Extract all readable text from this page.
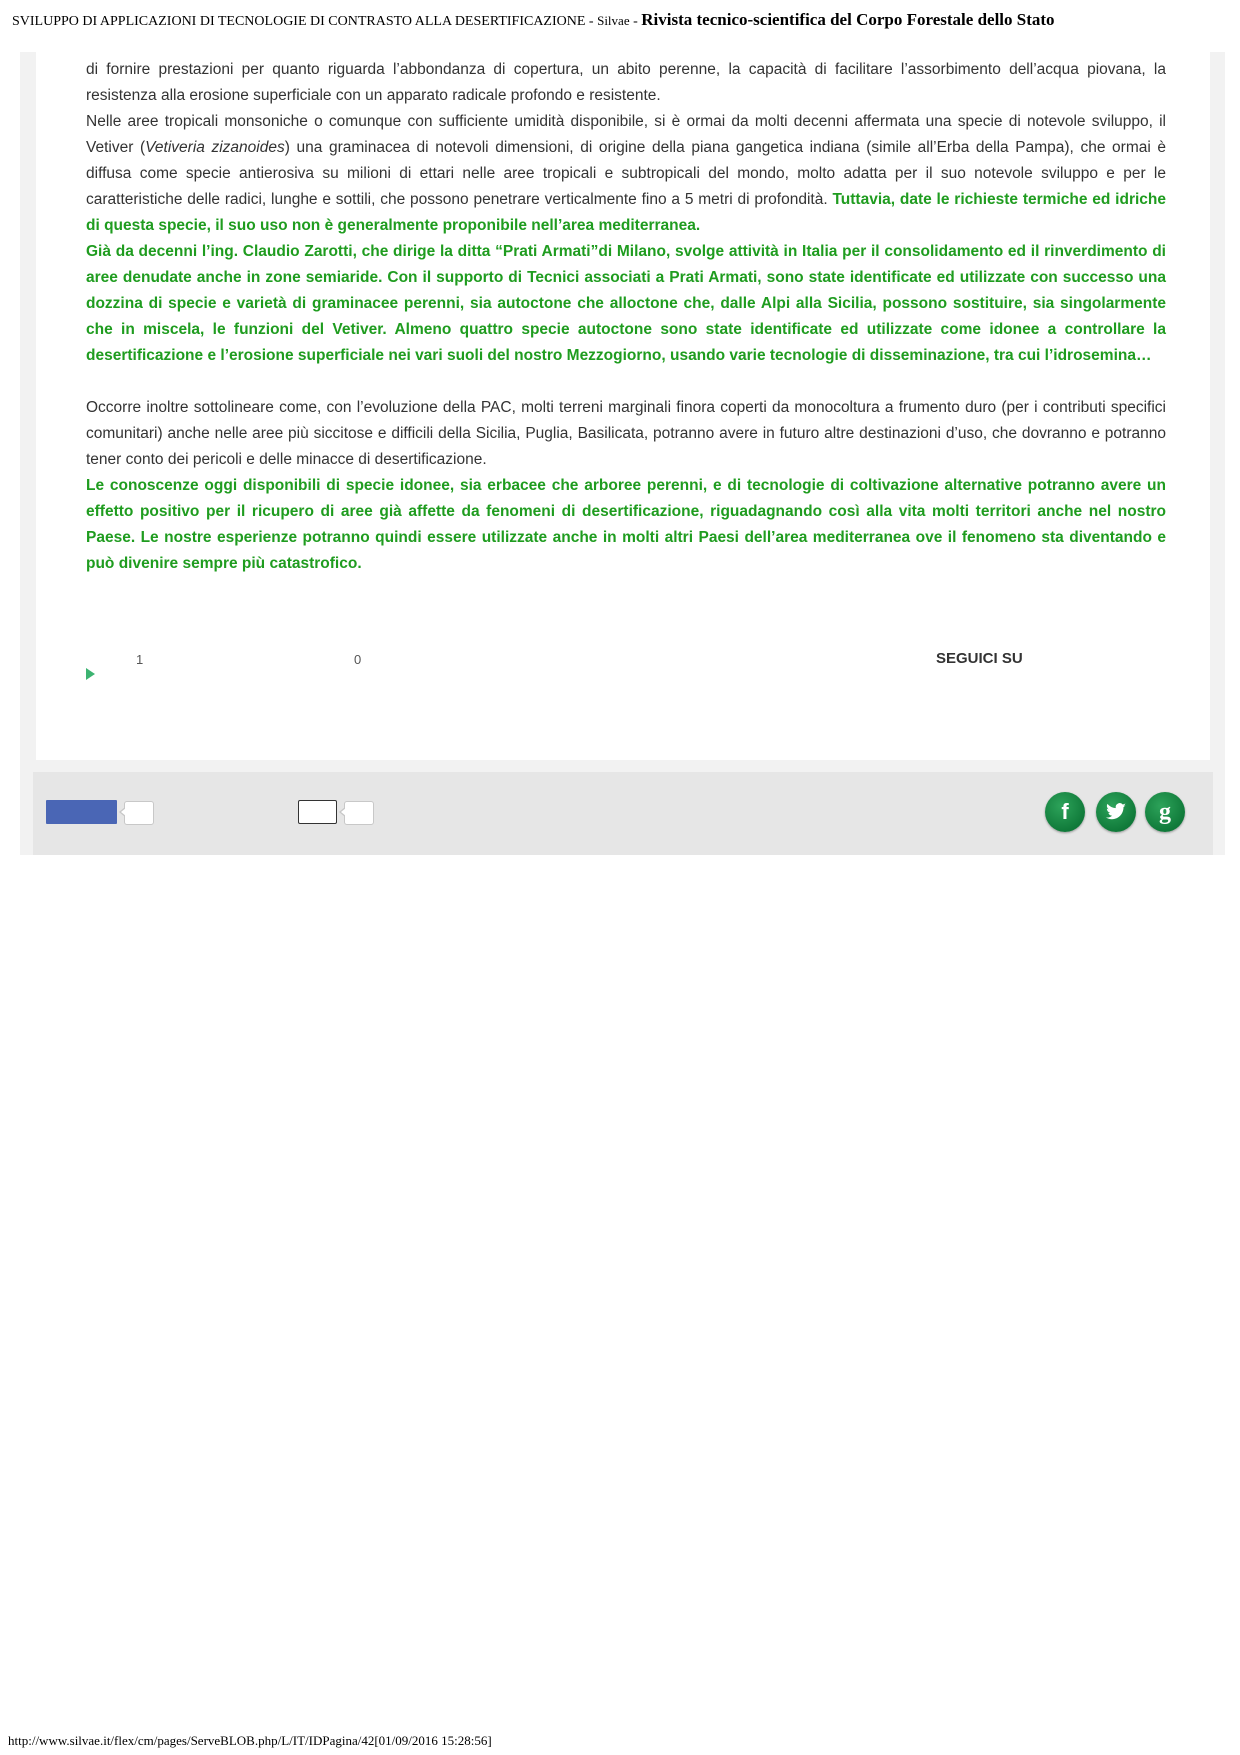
SVILUPPO DI APPLICAZIONI DI TECNOLOGIE DI CONTRASTO ALLA DESERTIFICAZIONE - Silvae - Rivista tecnico-scientifica del Corpo Forestale dello Stato

di fornire prestazioni per quanto riguarda l’abbondanza di copertura, un abito perenne, la capacità di facilitare l’assorbimento dell’acqua piovana, la resistenza alla erosione superficiale con un apparato radicale profondo e resistente.

Nelle aree tropicali monsoniche o comunque con sufficiente umidità disponibile, si è ormai da molti decenni affermata una specie di notevole sviluppo, il Vetiver (Vetiveria zizanoides) una graminacea di notevoli dimensioni, di origine della piana gangetica indiana (simile all’Erba della Pampa), che ormai è diffusa come specie antierosiva su milioni di ettari nelle aree tropicali e subtropicali del mondo, molto adatta per il suo notevole sviluppo e per le caratteristiche delle radici, lunghe e sottili, che possono penetrare verticalmente fino a 5 metri di profondità. Tuttavia, date le richieste termiche ed idriche di questa specie, il suo uso non è generalmente proponibile nell’area mediterranea.

Già da decenni l’ing. Claudio Zarotti, che dirige la ditta “Prati Armati”di Milano, svolge attività in Italia per il consolidamento ed il rinverdimento di aree denudate anche in zone semiaride. Con il supporto di Tecnici associati a Prati Armati, sono state identificate ed utilizzate con successo una dozzina di specie e varietà di graminacee perenni, sia autoctone che alloctone che, dalle Alpi alla Sicilia, possono sostituire, sia singolarmente che in miscela, le funzioni del Vetiver. Almeno quattro specie autoctone sono state identificate ed utilizzate come idonee a controllare la desertificazione e l’erosione superficiale nei vari suoli del nostro Mezzogiorno, usando varie tecnologie di disseminazione, tra cui l’idrosemina…

Occorre inoltre sottolineare come, con l’evoluzione della PAC, molti terreni marginali finora coperti da monocoltura a frumento duro (per i contributi specifici comunitari) anche nelle aree più siccitose e difficili della Sicilia, Puglia, Basilicata, potranno avere in futuro altre destinazioni d’uso, che dovranno e potranno tener conto dei pericoli e delle minacce di desertificazione.

Le conoscenze oggi disponibili di specie idonee, sia erbacee che arboree perenni, e di tecnologie di coltivazione alternative potranno avere un effetto positivo per il ricupero di aree già affette da fenomeni di desertificazione, riguadagnando così alla vita molti territori anche nel nostro Paese. Le nostre esperienze potranno quindi essere utilizzate anche in molti altri Paesi dell’area mediterranea ove il fenomeno sta diventando e può divenire sempre più catastrofico.

1	0	SEGUICI SU
f	g
http://www.silvae.it/flex/cm/pages/ServeBLOB.php/L/IT/IDPagina/42[01/09/2016 15:28:56]
